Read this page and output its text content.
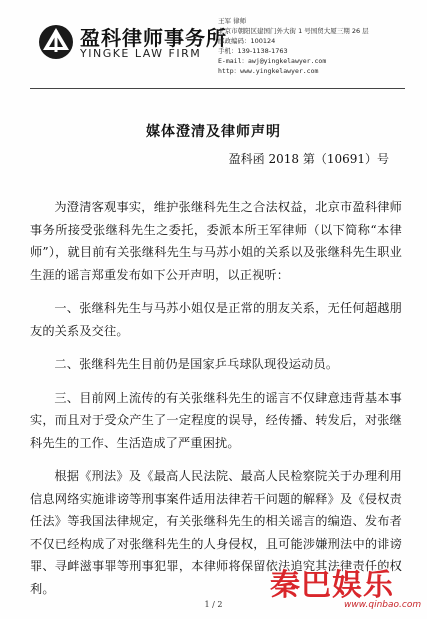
盈科律师事务所
YINGKE LAW FIRM
王军 律师
北京市朝阳区建国门外大街 1 号国贸大厦三期 26 层
邮政编码：100124
手机：139-1138-1763
E-mail：awj@yingkelawyer.com
http：www.yingkelawyer.com
媒体澄清及律师声明
盈科函 2018 第（10691）号

为澄清客观事实，维护张继科先生之合法权益，北京市盈科律师事务所接受张继科先生之委托，委派本所王军律师（以下简称“本律师”），就目前有关张继科先生与马苏小姐的关系以及张继科先生职业生涯的谣言郑重发布如下公开声明，以正视听：

一、张继科先生与马苏小姐仅是正常的朋友关系，无任何超越朋友的关系及交往。

二、张继科先生目前仍是国家乒乓球队现役运动员。

三、目前网上流传的有关张继科先生的谣言不仅肆意违背基本事实，而且对于受众产生了一定程度的误导，经传播、转发后，对张继科先生的工作、生活造成了严重困扰。

根据《刑法》及《最高人民法院、最高人民检察院关于办理利用信息网络实施诽谤等刑事案件适用法律若干问题的解释》及《侵权责任法》等我国法律规定，有关张继科先生的相关谣言的编造、发布者不仅已经构成了对张继科先生的人身侵权，且可能涉嫌刑法中的诽谤罪、寻衅滋事罪等刑事犯罪，本律师将保留依法追究其法律责任的权利。

1 / 2
秦巴娱乐
www.qinbao.com
